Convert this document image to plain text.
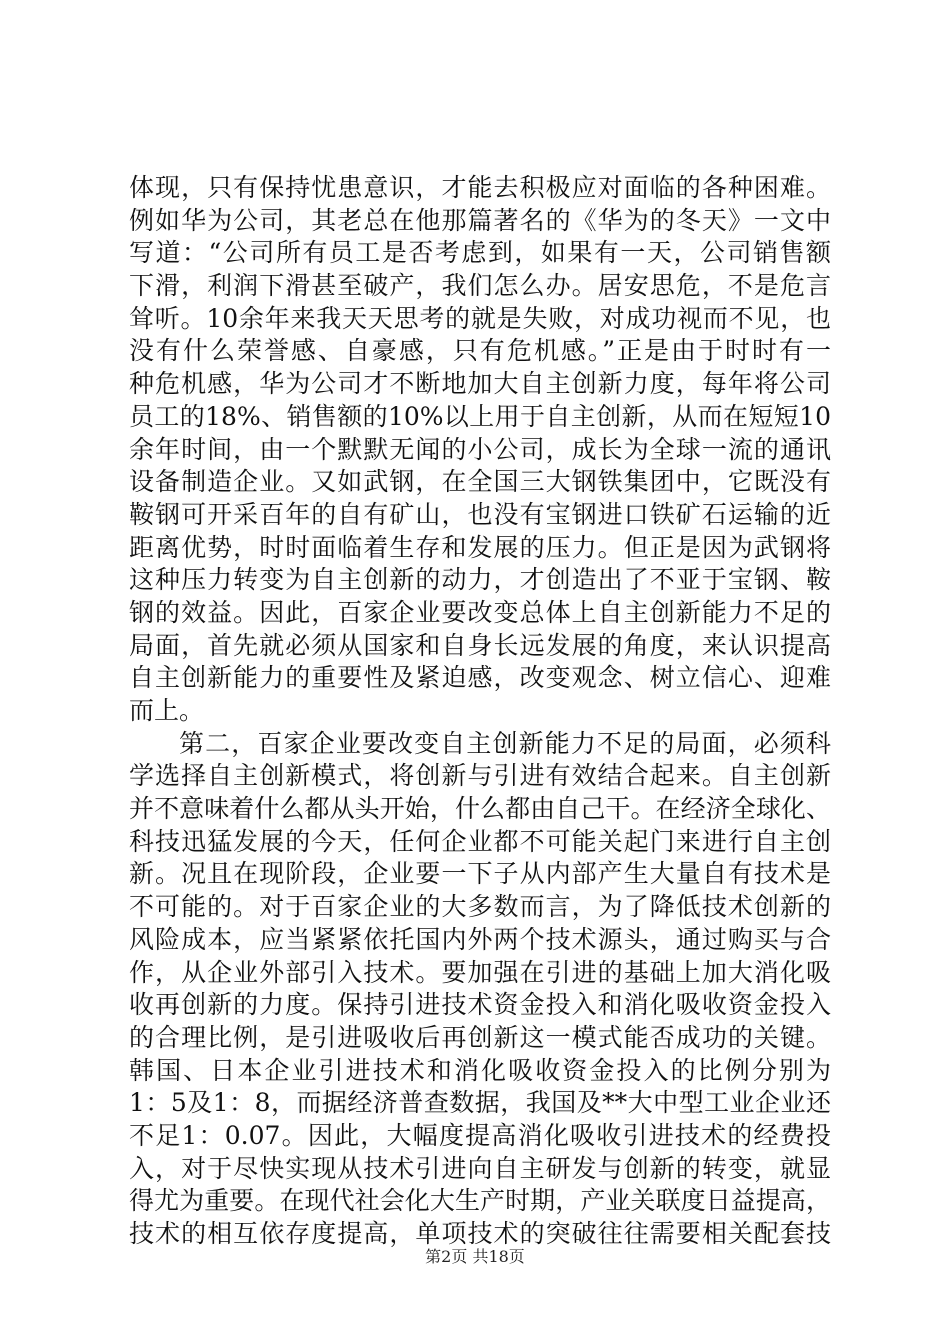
体现，只有保持忧患意识，才能去积极应对面临的各种困难。
例如华为公司，其老总在他那篇著名的《华为的冬天》一文中
写道：“公司所有员工是否考虑到，如果有一天，公司销售额
下滑，利润下滑甚至破产，我们怎么办。居安思危，不是危言
耸听。10余年来我天天思考的就是失败，对成功视而不见，也
没有什么荣誉感、自豪感，只有危机感。”正是由于时时有一
种危机感，华为公司才不断地加大自主创新力度，每年将公司
员工的18%、销售额的10%以上用于自主创新，从而在短短10
余年时间，由一个默默无闻的小公司，成长为全球一流的通讯
设备制造企业。又如武钢，在全国三大钢铁集团中，它既没有
鞍钢可开采百年的自有矿山，也没有宝钢进口铁矿石运输的近
距离优势，时时面临着生存和发展的压力。但正是因为武钢将
这种压力转变为自主创新的动力，才创造出了不亚于宝钢、鞍
钢的效益。因此，百家企业要改变总体上自主创新能力不足的
局面，首先就必须从国家和自身长远发展的角度，来认识提高
自主创新能力的重要性及紧迫感，改变观念、树立信心、迎难
而上。
第二，百家企业要改变自主创新能力不足的局面，必须科
学选择自主创新模式，将创新与引进有效结合起来。自主创新
并不意味着什么都从头开始，什么都由自己干。在经济全球化、
科技迅猛发展的今天，任何企业都不可能关起门来进行自主创
新。况且在现阶段，企业要一下子从内部产生大量自有技术是
不可能的。对于百家企业的大多数而言，为了降低技术创新的
风险成本，应当紧紧依托国内外两个技术源头，通过购买与合
作，从企业外部引入技术。要加强在引进的基础上加大消化吸
收再创新的力度。保持引进技术资金投入和消化吸收资金投入
的合理比例，是引进吸收后再创新这一模式能否成功的关键。
韩国、日本企业引进技术和消化吸收资金投入的比例分别为
1：5及1：8，而据经济普查数据，我国及**大中型工业企业还
不足1：0.07。因此，大幅度提高消化吸收引进技术的经费投
入，对于尽快实现从技术引进向自主研发与创新的转变，就显
得尤为重要。在现代社会化大生产时期，产业关联度日益提高，
技术的相互依存度提高，单项技术的突破往往需要相关配套技
第2页 共18页
